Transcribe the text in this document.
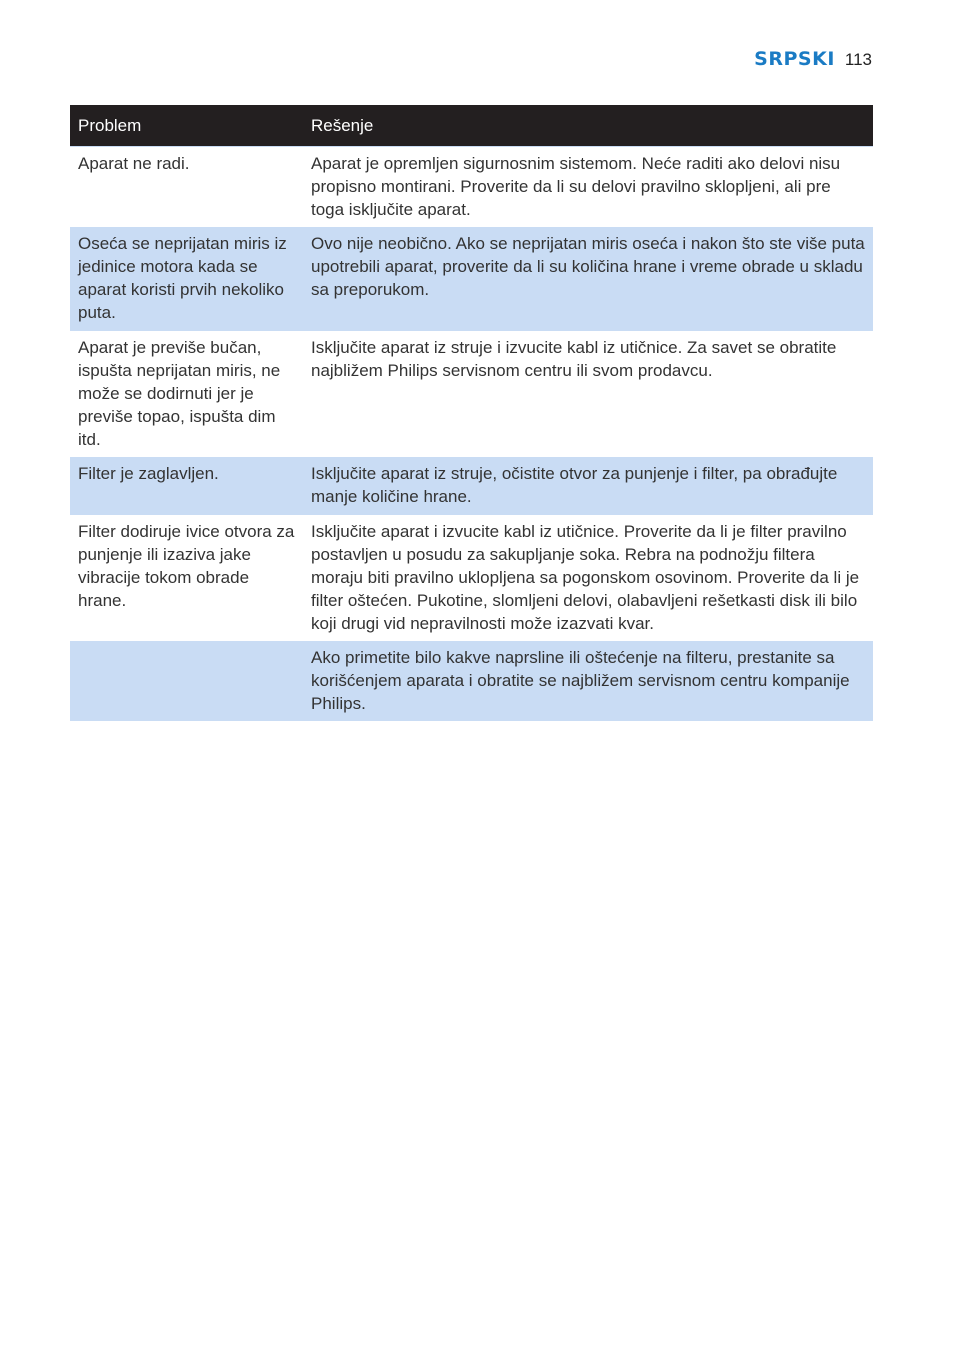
SRPSKI 113
Problem	Rešenje
Aparat ne radi.	Aparat je opremljen sigurnosnim sistemom. Neće raditi ako delovi nisu propisno montirani. Proverite da li su delovi pravilno sklopljeni, ali pre toga isključite aparat.
Oseća se neprijatan miris iz jedinice motora kada se aparat koristi prvih nekoliko puta.	Ovo nije neobično. Ako se neprijatan miris oseća i nakon što ste više puta upotrebili aparat, proverite da li su količina hrane i vreme obrade u skladu sa preporukom.
Aparat je previše bučan, ispušta neprijatan miris, ne može se dodirnuti jer je previše topao, ispušta dim itd.	Isključite aparat iz struje i izvucite kabl iz utičnice. Za savet se obratite najbližem Philips servisnom centru ili svom prodavcu.
Filter je zaglavljen.	Isključite aparat iz struje, očistite otvor za punjenje i filter, pa obrađujte manje količine hrane.
Filter dodiruje ivice otvora za punjenje ili izaziva jake vibracije tokom obrade hrane.	Isključite aparat i izvucite kabl iz utičnice. Proverite da li je filter pravilno postavljen u posudu za sakupljanje soka. Rebra na podnožju filtera moraju biti pravilno uklopljena sa pogonskom osovinom. Proverite da li je filter oštećen. Pukotine, slomljeni delovi, olabavljeni rešetkasti disk ili bilo koji drugi vid nepravilnosti može izazvati kvar.
	Ako primetite bilo kakve naprsline ili oštećenje na filteru, prestanite sa korišćenjem aparata i obratite se najbližem servisnom centru kompanije Philips.
